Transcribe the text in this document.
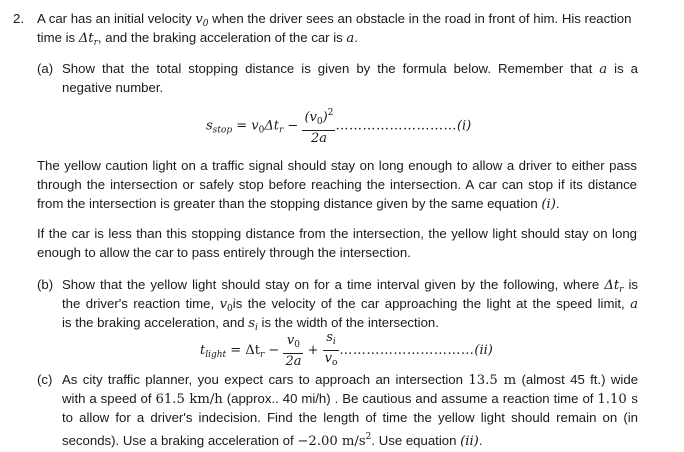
2. A car has an initial velocity $v_0$ when the driver sees an obstacle in the road in front of him. His reaction
time is $\Delta t_r$, and the braking acceleration of the car is a.
(a) Show that the total stopping distance is given by the formula below. Remember that a is a
negative number.
$s_{stop} = v_0\Delta t_r - \frac{(v_0)^2}{2a}$ ………………………(i)
The yellow caution light on a traffic signal should stay on long enough to allow a driver to either pass
through the intersection or safely stop before reaching the intersection. A car can stop if its distance
from the intersection is greater than the stopping distance given by the same equation (i).
If the car is less than this stopping distance from the intersection, the yellow light should stay on long
enough to allow the car to pass entirely through the intersection.
(b) Show that the yellow light should stay on for a time interval given by the following, where $\Delta t_r$ is
the driver's reaction time, $v_0is$ the velocity of the car approaching the light at the speed limit, a
is the braking acceleration, and $s_i$ is the width of the intersection.
$t_{light} = \Delta t_r - \frac{v_0}{2a} + \frac{s_i}{v_o}$ …………………………(ii)
(c) As city traffic planner, you expect cars to approach an intersection 13.5 m (almost 45 ft.) wide
with a speed of 61.5 km/h (approx.. 40 mi/h) . Be cautious and assume a reaction time of 1.10 s
to allow for a driver's indecision. Find the length of time the yellow light should remain on (in
seconds). Use a braking acceleration of −2.00 $m/s^2$. Use equation (ii).
